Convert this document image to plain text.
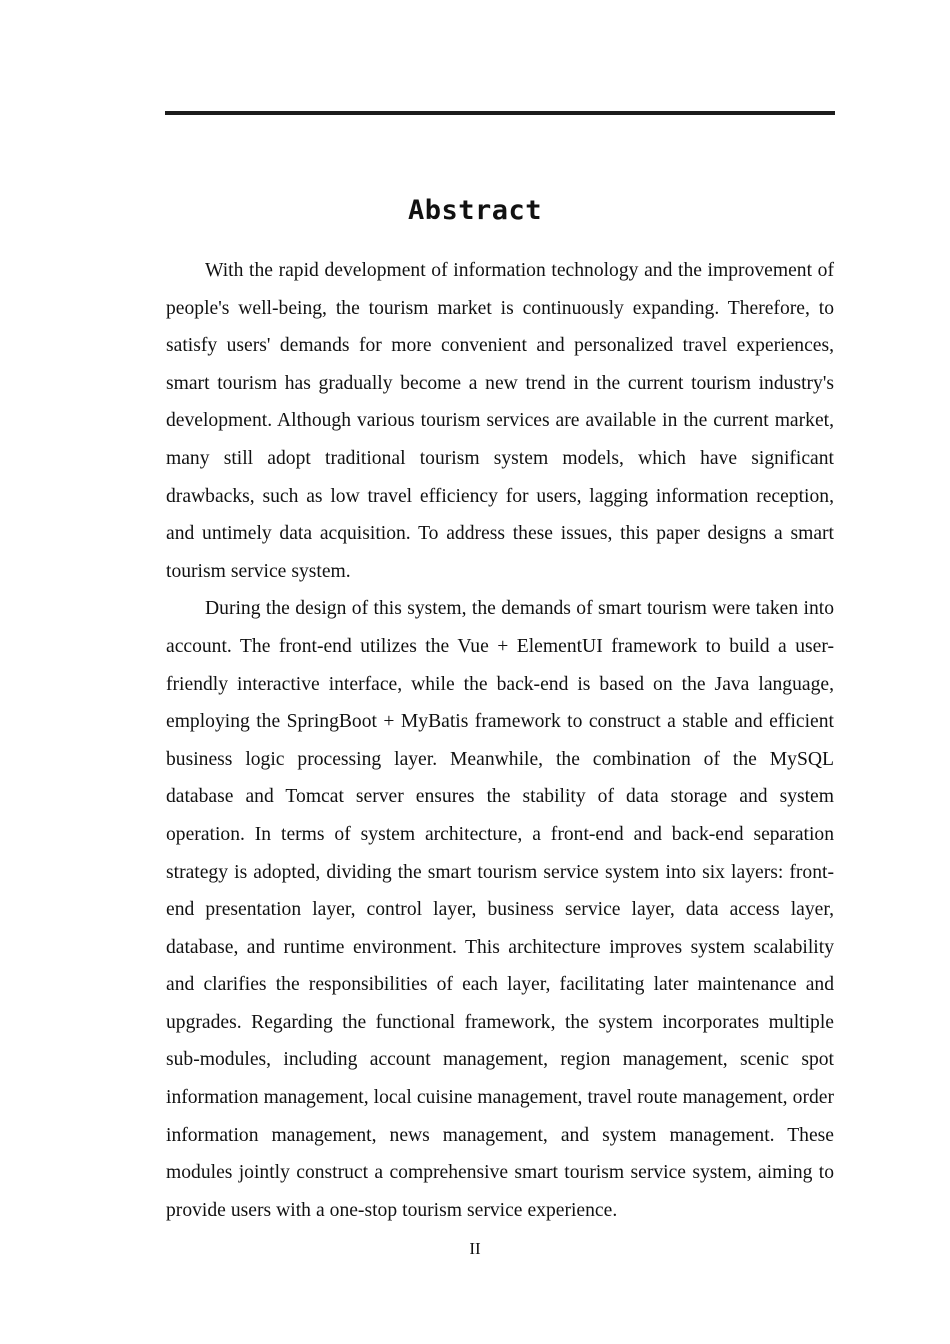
Abstract

With the rapid development of information technology and the improvement of people's well-being, the tourism market is continuously expanding. Therefore, to satisfy users' demands for more convenient and personalized travel experiences, smart tourism has gradually become a new trend in the current tourism industry's development. Although various tourism services are available in the current market, many still adopt traditional tourism system models, which have significant drawbacks, such as low travel efficiency for users, lagging information reception, and untimely data acquisition. To address these issues, this paper designs a smart tourism service system.

During the design of this system, the demands of smart tourism were taken into account. The front-end utilizes the Vue + ElementUI framework to build a user-friendly interactive interface, while the back-end is based on the Java language, employing the SpringBoot + MyBatis framework to construct a stable and efficient business logic processing layer. Meanwhile, the combination of the MySQL database and Tomcat server ensures the stability of data storage and system operation. In terms of system architecture, a front-end and back-end separation strategy is adopted, dividing the smart tourism service system into six layers: front-end presentation layer, control layer, business service layer, data access layer, database, and runtime environment. This architecture improves system scalability and clarifies the responsibilities of each layer, facilitating later maintenance and upgrades. Regarding the functional framework, the system incorporates multiple sub-modules, including account management, region management, scenic spot information management, local cuisine management, travel route management, order information management, news management, and system management. These modules jointly construct a comprehensive smart tourism service system, aiming to provide users with a one-stop tourism service experience.

II
